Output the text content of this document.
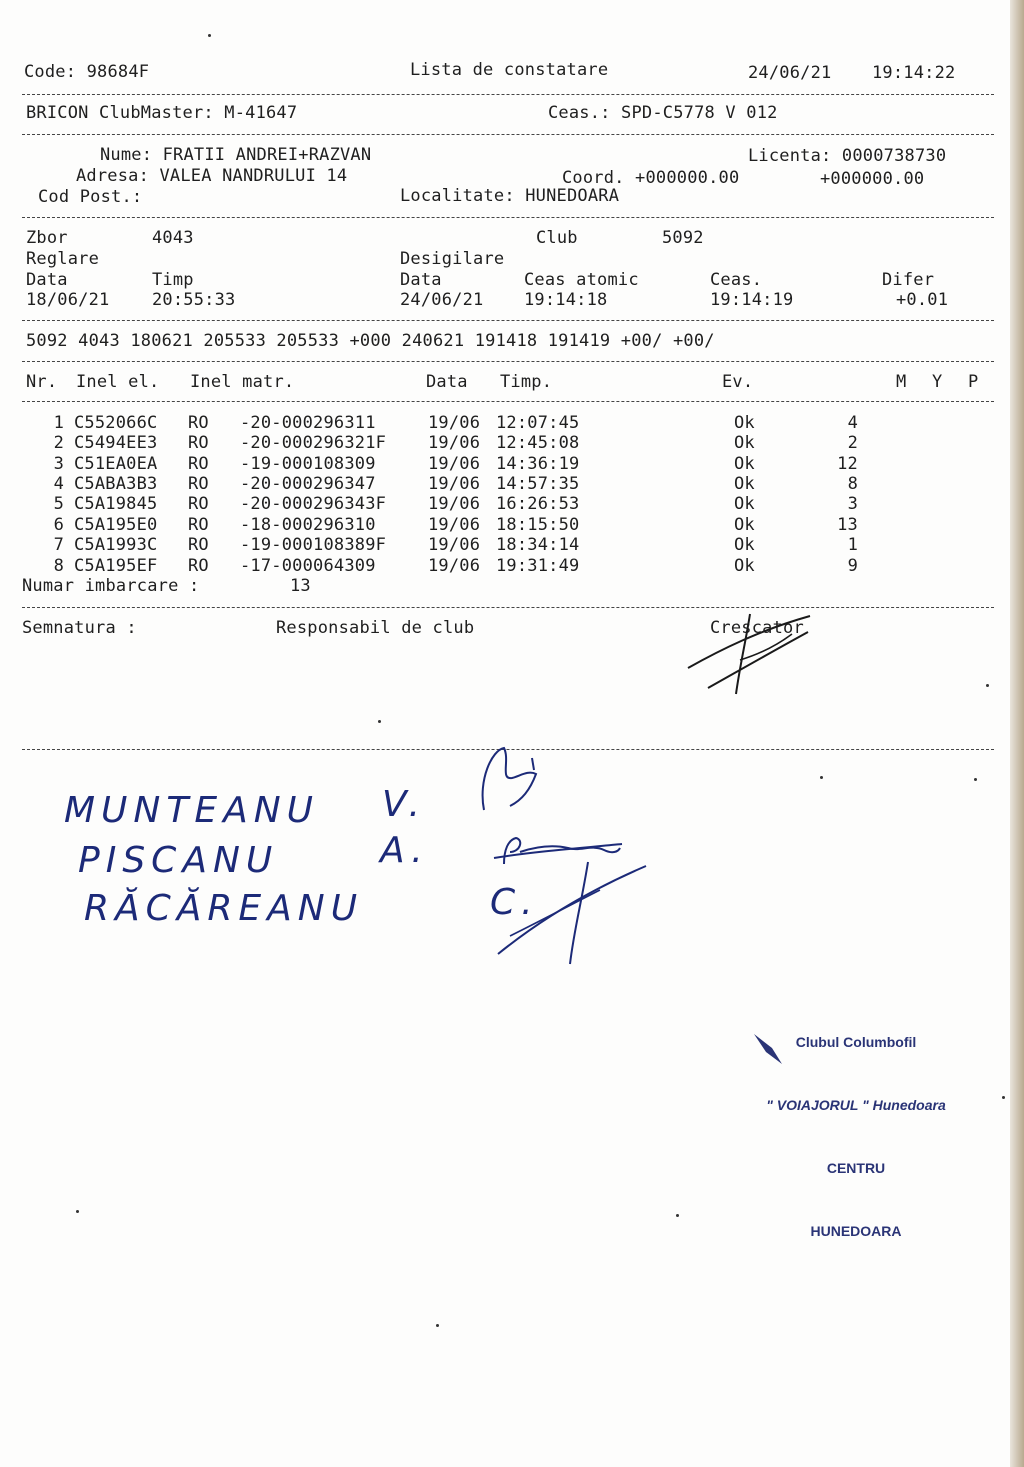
Code: 98684F	Lista de constatare	24/06/21 19:14:22
BRICON ClubMaster: M-41647	Ceas.: SPD-C5778 V 012
Nume: FRATII ANDREI+RAZVAN	Licenta: 0000738730
Adresa: VALEA NANDRULUI 14	Coord. +000000.00	+000000.00
Cod Post.:	Localitate: HUNEDOARA
Zbor	4043	Club	5092
Reglare	Desigilare
Data	Timp	Data	Ceas atomic	Ceas.	Difer
18/06/21	20:55:33	24/06/21 19:14:18	19:14:19	+0.01
5092 4043 180621 205533 205533 +000 240621 191418 191419 +00/ +00/
Nr. Inel el. Inel matr.	Data Timp.	Ev.	M Y P
1 C552066C RO -20-000296311	19/06 12:07:45	Ok	4
2 C5494EE3 RO -20-000296321F 19/06 12:45:08	Ok	2
3 C51EA0EA RO -19-000108309	19/06 14:36:19	Ok	12
4 C5ABA3B3 RO -20-000296347	19/06 14:57:35	Ok	8
5 C5A19845 RO -20-000296343F 19/06 16:26:53	Ok	3
6 C5A195E0 RO -18-000296310	19/06 18:15:50	Ok	13
7 C5A1993C RO -19-000108389F 19/06 18:34:14	Ok	1
8 C5A195EF RO -17-000064309	19/06 19:31:49	Ok	9
Numar imbarcare :	13
Semnatura :	Responsabil de club	Crescator
MUNTEANU V.
PISCANU	A.
RĂCĂREANU	C.

Clubul Columbofil

" VOIAJORUL " Hunedoara

CENTRU

HUNEDOARA
